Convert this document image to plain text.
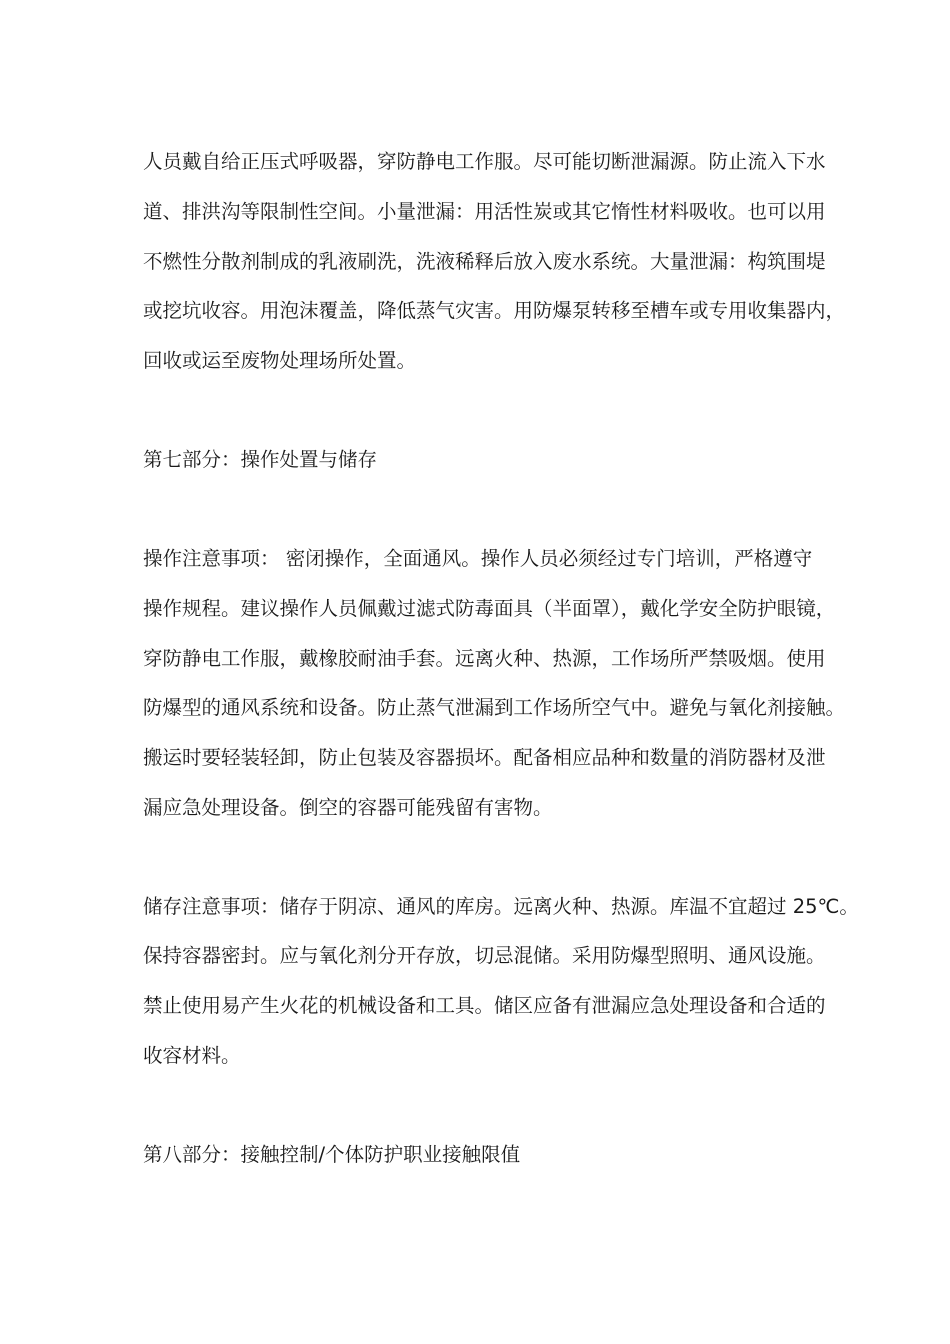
人员戴自给正压式呼吸器，穿防静电工作服。尽可能切断泄漏源。防止流入下水
道、排洪沟等限制性空间。小量泄漏：用活性炭或其它惰性材料吸收。也可以用
不燃性分散剂制成的乳液刷洗，洗液稀释后放入废水系统。大量泄漏：构筑围堤
或挖坑收容。用泡沫覆盖，降低蒸气灾害。用防爆泵转移至槽车或专用收集器内，
回收或运至废物处理场所处置。
第七部分：操作处置与储存
操作注意事项： 密闭操作，全面通风。操作人员必须经过专门培训，严格遵守
操作规程。建议操作人员佩戴过滤式防毒面具（半面罩），戴化学安全防护眼镜，
穿防静电工作服，戴橡胶耐油手套。远离火种、热源，工作场所严禁吸烟。使用
防爆型的通风系统和设备。防止蒸气泄漏到工作场所空气中。避免与氧化剂接触。
搬运时要轻装轻卸，防止包装及容器损坏。配备相应品种和数量的消防器材及泄
漏应急处理设备。倒空的容器可能残留有害物。
储存注意事项：储存于阴凉、通风的库房。远离火种、热源。库温不宜超过 25℃。
保持容器密封。应与氧化剂分开存放，切忌混储。采用防爆型照明、通风设施。
禁止使用易产生火花的机械设备和工具。储区应备有泄漏应急处理设备和合适的
收容材料。
第八部分：接触控制/个体防护职业接触限值
